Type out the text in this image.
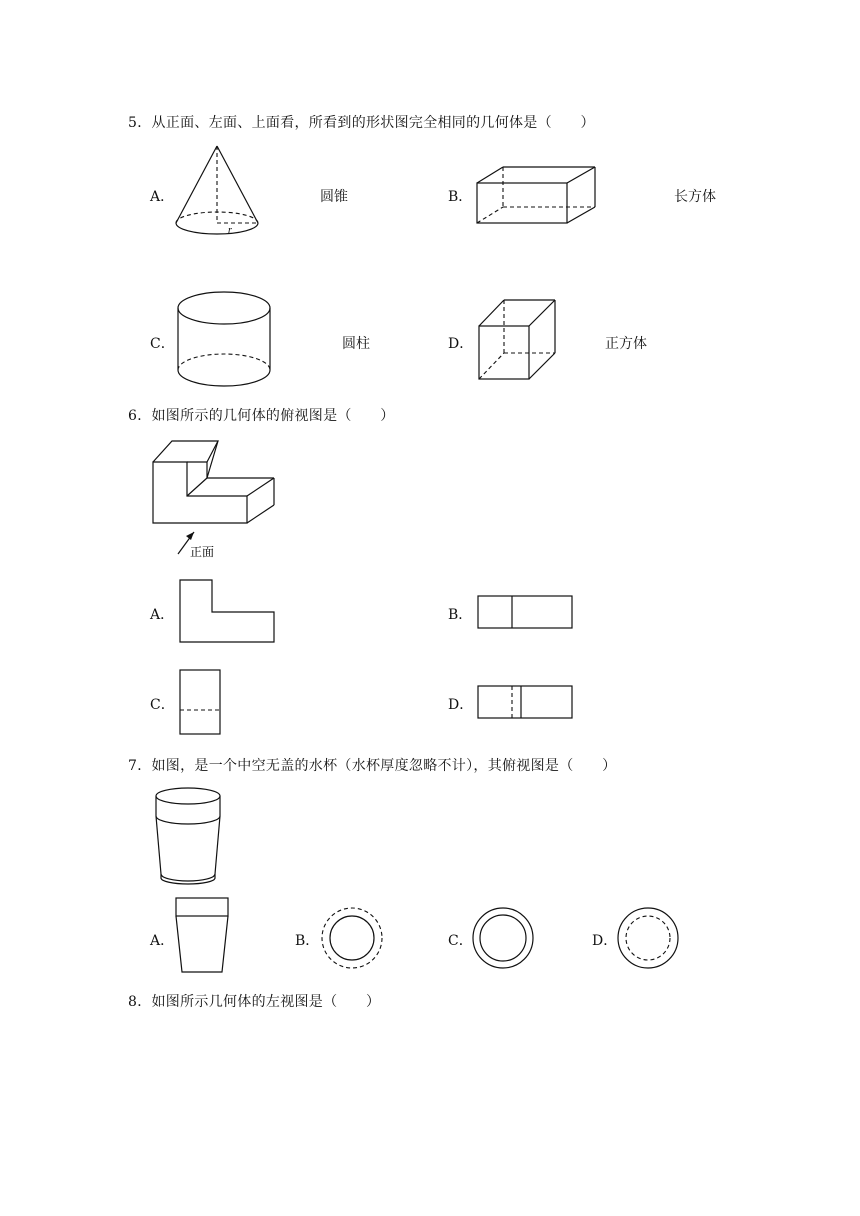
5．从正面、左面、上面看，所看到的形状图完全相同的几何体是（　　）
A．
r
圆锥	B．	长方体
C．	圆柱	D．	正方体
6．如图所示的几何体的俯视图是（　　）
正面
A．	B．
C．	D．
7．如图，是一个中空无盖的水杯（水杯厚度忽略不计），其俯视图是（　　）
A．	B．	C．	D．
8．如图所示几何体的左视图是（　　）
